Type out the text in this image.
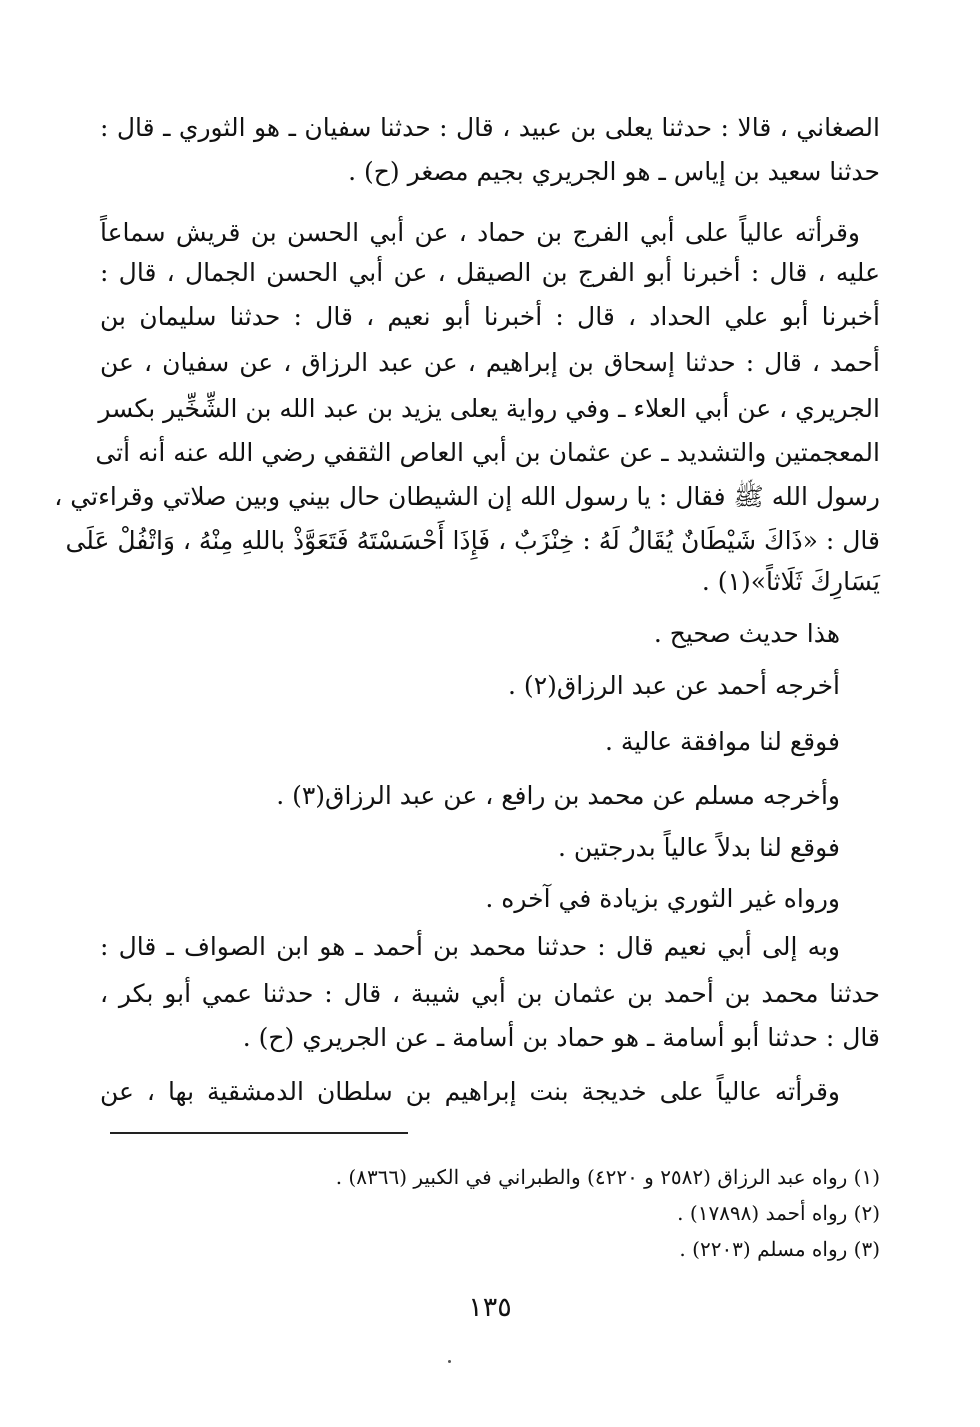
الصغاني ، قالا : حدثنا يعلى بن عبيد ، قال : حدثنا سفيان ـ هو الثوري ـ قال :
حدثنا سعيد بن إياس ـ هو الجريري بجيم مصغر (ح) .
وقرأته عالياً على أبي الفرج بن حماد ، عن أبي الحسن بن قريش سماعاً
عليه ، قال : أخبرنا أبو الفرج بن الصيقل ، عن أبي الحسن الجمال ، قال :
أخبرنا أبو علي الحداد ، قال : أخبرنا أبو نعيم ، قال : حدثنا سليمان بن
أحمد ، قال : حدثنا إسحاق بن إبراهيم ، عن عبد الرزاق ، عن سفيان ، عن
الجريري ، عن أبي العلاء ـ وفي رواية يعلى يزيد بن عبد الله بن الشِّخِّير بكسر
المعجمتين والتشديد ـ عن عثمان بن أبي العاص الثقفي رضي الله عنه أنه أتى
رسول الله ﷺ فقال : يا رسول الله إن الشيطان حال بيني وبين صلاتي وقراءتي ،
قال : «ذَاكَ شَيْطَانٌ يُقَالُ لَهُ : خِنْزَبٌ ، فَإِذَا أَحْسَسْتَهُ فَتَعَوَّذْ باللهِ مِنْهُ ، وَاتْفُلْ عَلَى
يَسَارِكَ ثَلَاثاً»(١) .
هذا حديث صحيح .
أخرجه أحمد عن عبد الرزاق(٢) .
فوقع لنا موافقة عالية .
وأخرجه مسلم عن محمد بن رافع ، عن عبد الرزاق(٣) .
فوقع لنا بدلاً عالياً بدرجتين .
ورواه غير الثوري بزيادة في آخره .
وبه إلى أبي نعيم قال : حدثنا محمد بن أحمد ـ هو ابن الصواف ـ قال :
حدثنا محمد بن أحمد بن عثمان بن أبي شيبة ، قال : حدثنا عمي أبو بكر ،
قال : حدثنا أبو أسامة ـ هو حماد بن أسامة ـ عن الجريري (ح) .
وقرأته عالياً على خديجة بنت إبراهيم بن سلطان الدمشقية بها ، عن
(١) رواه عبد الرزاق (٢٥٨٢ و ٤٢٢٠) والطبراني في الكبير (٨٣٦٦) .
(٢) رواه أحمد (١٧٨٩٨) .
(٣) رواه مسلم (٢٢٠٣) .
١٣٥
